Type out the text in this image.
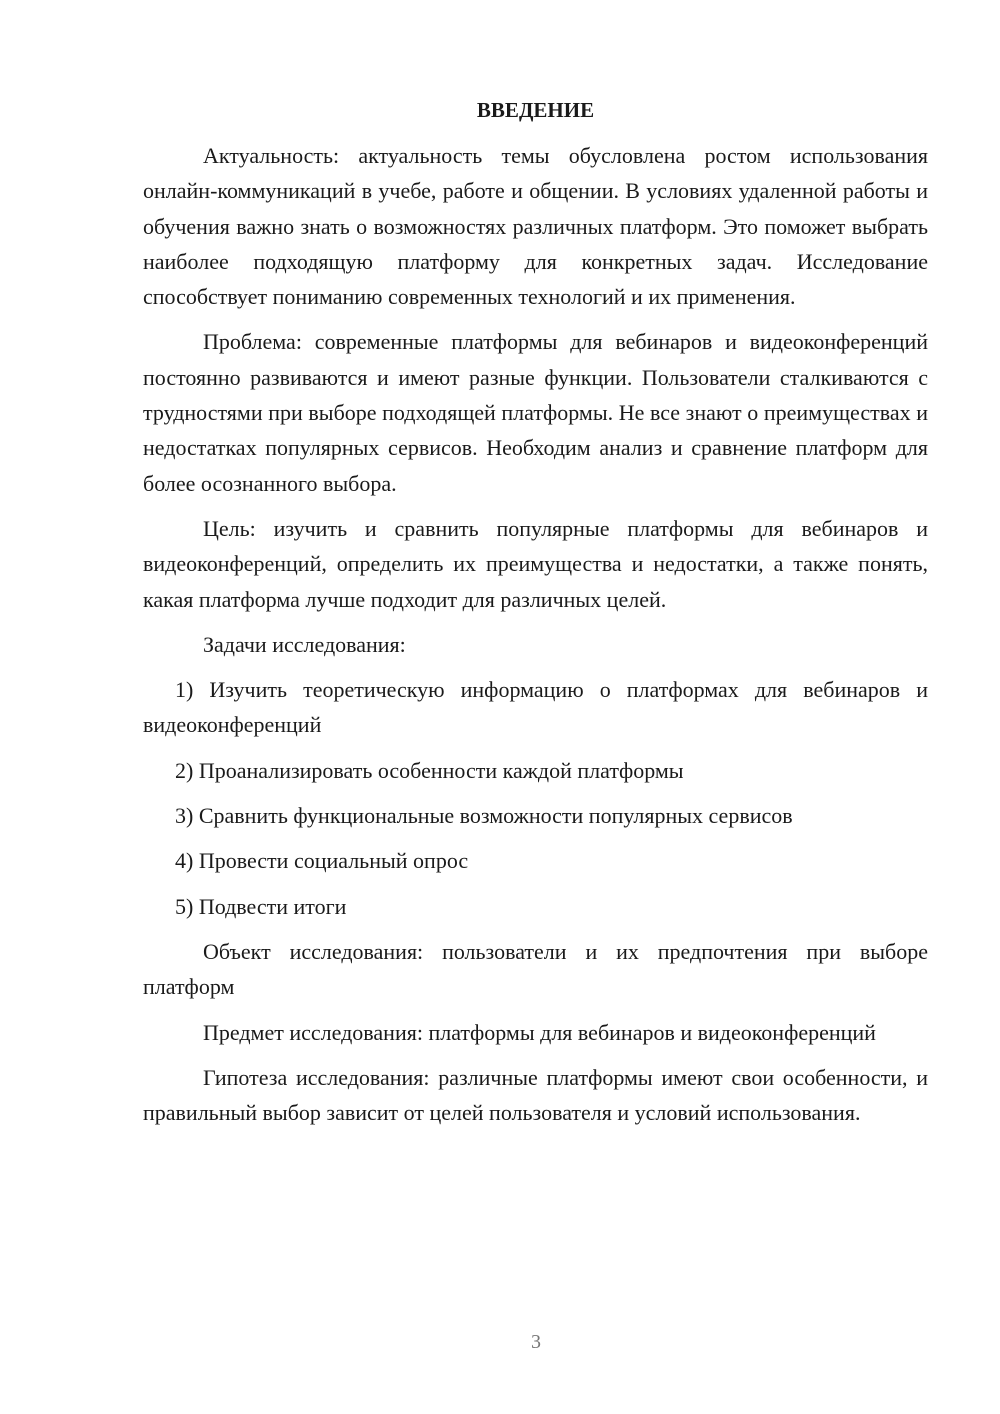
ВВЕДЕНИЕ

Актуальность: актуальность темы обусловлена ростом использования онлайн-коммуникаций в учебе, работе и общении. В условиях удаленной работы и обучения важно знать о возможностях различных платформ. Это поможет выбрать наиболее подходящую платформу для конкретных задач. Исследование способствует пониманию современных технологий и их применения.

Проблема: современные платформы для вебинаров и видеоконференций постоянно развиваются и имеют разные функции. Пользователи сталкиваются с трудностями при выборе подходящей платформы. Не все знают о преимуществах и недостатках популярных сервисов. Необходим анализ и сравнение платформ для более осознанного выбора.

Цель: изучить и сравнить популярные платформы для вебинаров и видеоконференций, определить их преимущества и недостатки, а также понять, какая платформа лучше подходит для различных целей.

Задачи исследования:

1) Изучить теоретическую информацию о платформах для вебинаров и видеоконференций

2) Проанализировать особенности каждой платформы

3) Сравнить функциональные возможности популярных сервисов

4) Провести социальный опрос

5) Подвести итоги

Объект исследования: пользователи и их предпочтения при выборе платформ

Предмет исследования: платформы для вебинаров и видеоконференций

Гипотеза исследования: различные платформы имеют свои особенности, и правильный выбор зависит от целей пользователя и условий использования.

3
